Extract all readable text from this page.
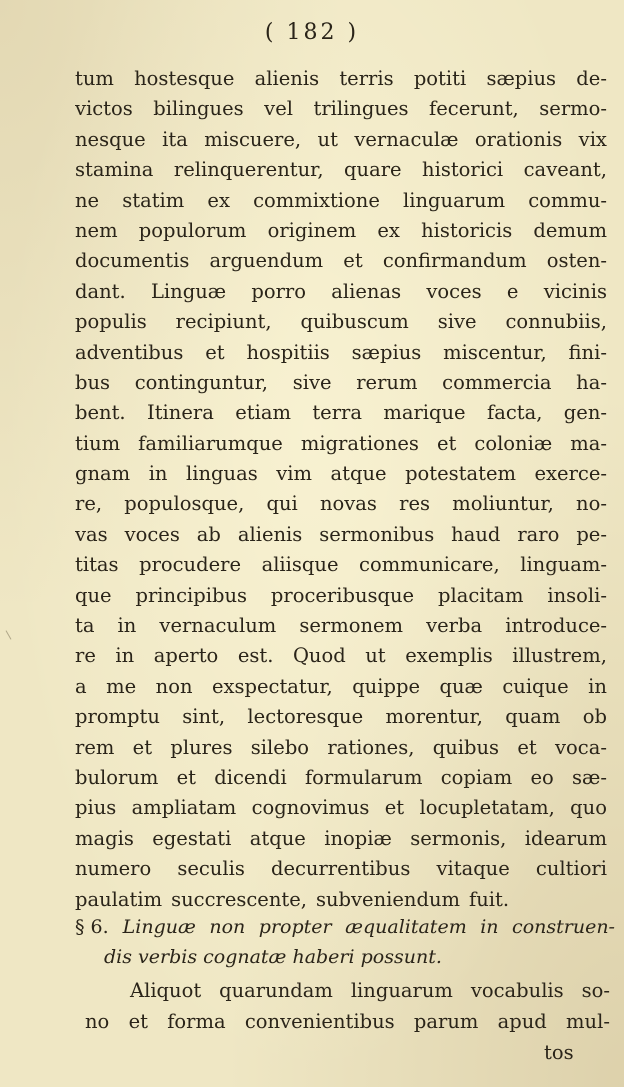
( 182 )
tum hostesque alienis terris potiti sæpius de-
victos bilingues vel trilingues fecerunt, sermo-
nesque ita miscuere, ut vernaculæ orationis vix
stamina relinquerentur, quare historici caveant,
ne statim ex commixtione linguarum commu-
nem populorum originem ex historicis demum
documentis arguendum et confirmandum osten-
dant. Linguæ porro alienas voces e vicinis
populis recipiunt, quibuscum sive connubiis,
adventibus et hospitiis sæpius miscentur, fini-
bus continguntur, sive rerum commercia ha-
bent. Itinera etiam terra marique facta, gen-
tium familiarumque migrationes et coloniæ ma-
gnam in linguas vim atque potestatem exerce-
re, populosque, qui novas res moliuntur, no-
vas voces ab alienis sermonibus haud raro pe-
titas procudere aliisque communicare, linguam-
que principibus proceribusque placitam insoli-
ta in vernaculum sermonem verba introduce-
re in aperto est. Quod ut exemplis illustrem,
a me non exspectatur, quippe quæ cuique in
promptu sint, lectoresque morentur, quam ob
rem et plures silebo rationes, quibus et voca-
bulorum et dicendi formularum copiam eo sæ-
pius ampliatam cognovimus et locupletatam, quo
magis egestati atque inopiæ sermonis, idearum
numero seculis decurrentibus vitaque cultiori
paulatim succrescente, subveniendum fuit.
§ 6. Linguæ non propter æqualitatem in construen-
dis verbis cognatæ haberi possunt.
Aliquot quarundam linguarum vocabulis so-
no et forma convenientibus parum apud mul-
tos
